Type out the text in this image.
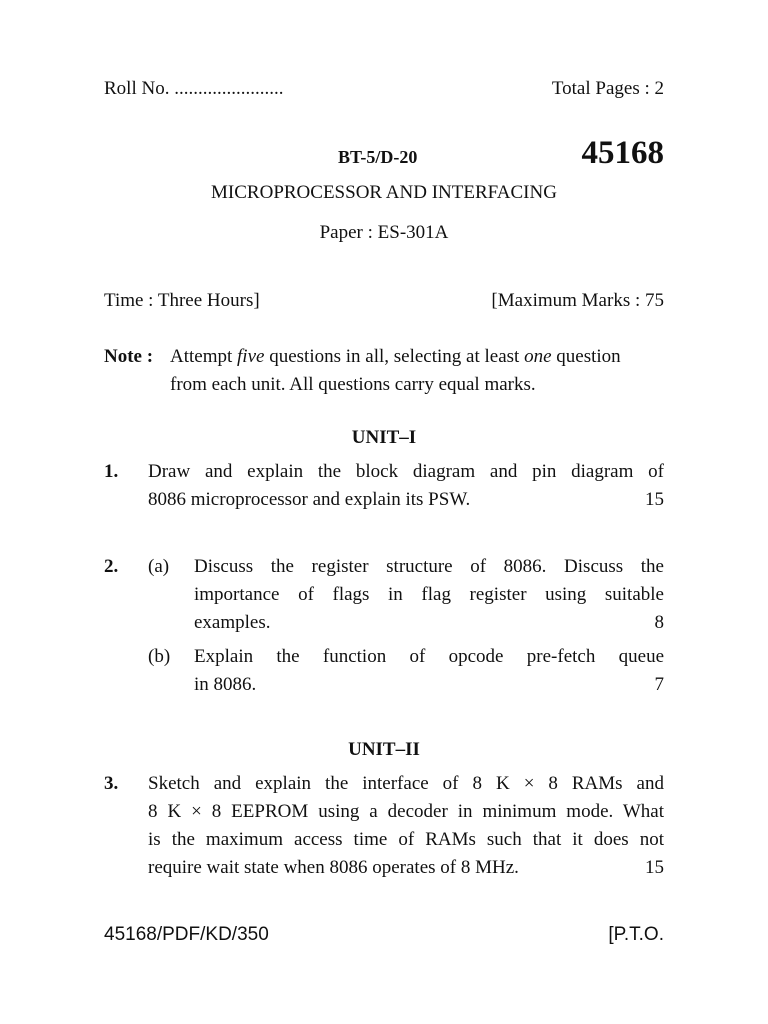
Roll No. .......................	Total Pages : 2
BT-5/D-20	45168
MICROPROCESSOR AND INTERFACING
Paper : ES-301A
Time : Three Hours]	[Maximum Marks : 75
Note : Attempt five questions in all, selecting at least one question
from each unit. All questions carry equal marks.
UNIT–I
1. Draw and explain the block diagram and pin diagram of
8086 microprocessor and explain its PSW.	15
2. (a) Discuss the register structure of 8086. Discuss the
importance of flags in flag register using suitable
examples.	8
(b) Explain the function of opcode pre-fetch queue
in 8086.	7
UNIT–II
3. Sketch and explain the interface of 8 K × 8 RAMs and
8 K × 8 EEPROM using a decoder in minimum mode. What
is the maximum access time of RAMs such that it does not
require wait state when 8086 operates of 8 MHz.	15
45168/PDF/KD/350	[P.T.O.
